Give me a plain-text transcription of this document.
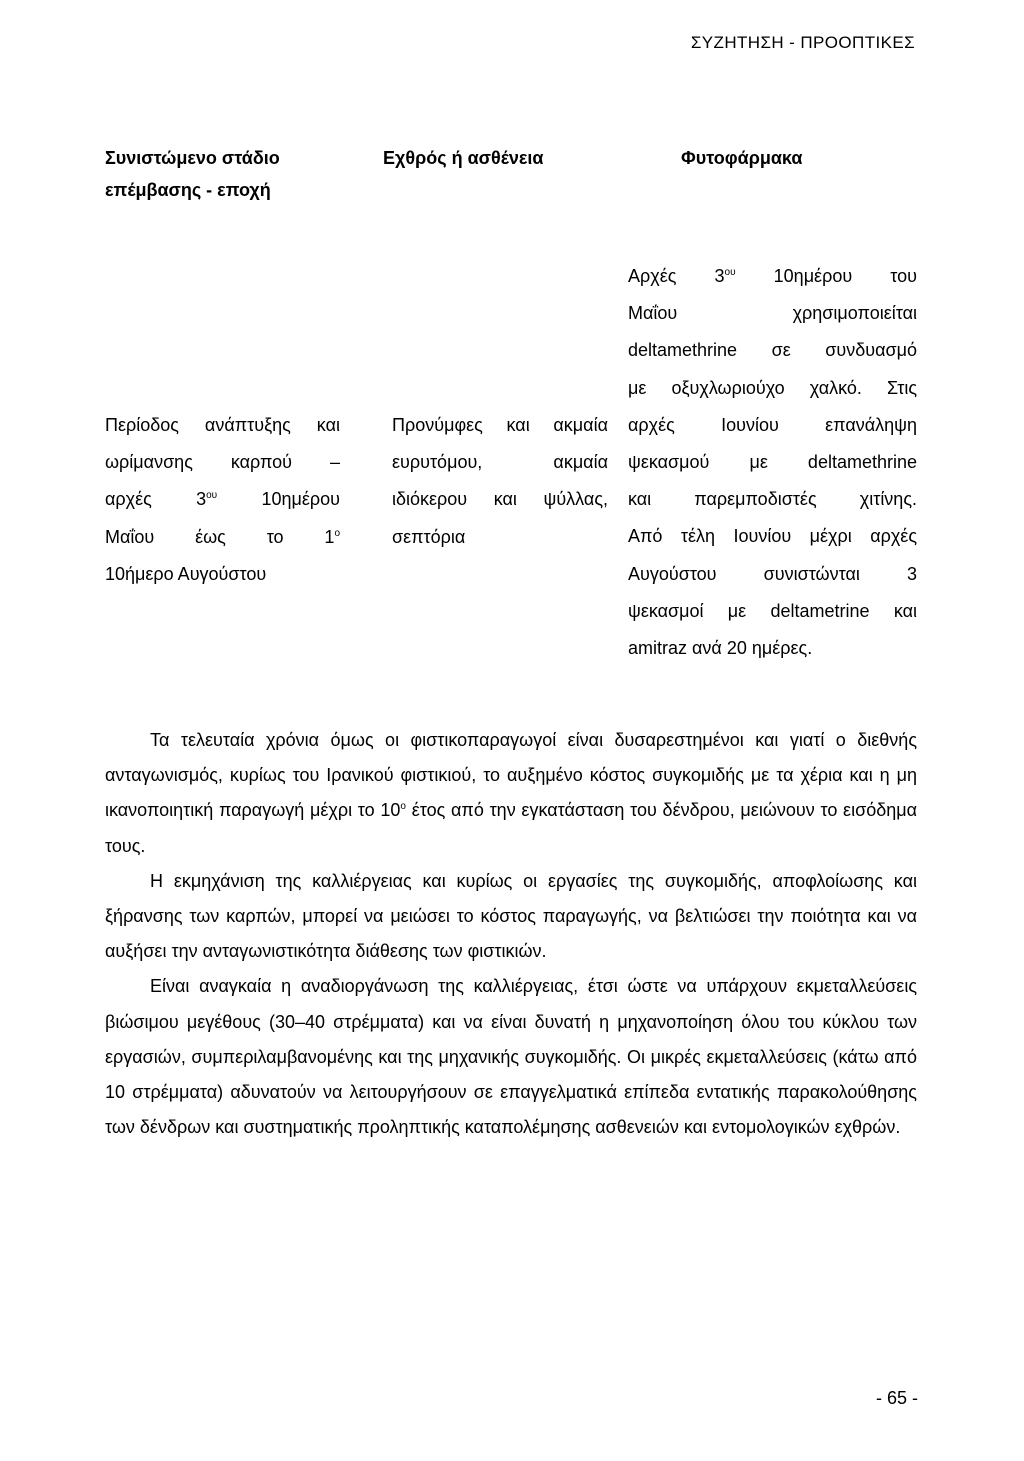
ΣΥΖΗΤΗΣΗ - ΠΡΟΟΠΤΙΚΕΣ
Συνιστώμενο στάδιο επέμβασης - εποχή
Εχθρός ή ασθένεια	Φυτοφάρμακα
Περίοδος ανάπτυξης και
ωρίμανσης καρπού –
αρχές $3^{o\upsilon}$ 10ημέρου
Μαΐου έως το $1^o$
10ήμερο Αυγούστου
Προνύμφες και ακμαία
ευρυτόμου, ακμαία
ιδιόκερου και ψύλλας,
σεπτόρια
Αρχές $3^{o\upsilon}$ 10ημέρου του
Μαΐου χρησιμοποιείται
deltamethrine σε συνδυασμό
με οξυχλωριούχο χαλκό. Στις
αρχές Ιουνίου επανάληψη
ψεκασμού με deltamethrine
και παρεμποδιστές χιτίνης.
Από τέλη Ιουνίου μέχρι αρχές
Αυγούστου συνιστώνται 3
ψεκασμοί με deltametrine και
amitraz ανά 20 ημέρες.

Τα τελευταία χρόνια όμως οι φιστικοπαραγωγοί είναι δυσαρεστημένοι και γιατί ο διεθνής ανταγωνισμός, κυρίως του Ιρανικού φιστικιού, το αυξημένο κόστος συγκομιδής με τα χέρια και η μη ικανοποιητική παραγωγή μέχρι το $10^o$ έτος από την εγκατάσταση του δένδρου, μειώνουν το εισόδημα τους.

Η εκμηχάνιση της καλλιέργειας και κυρίως οι εργασίες της συγκομιδής, αποφλοίωσης και ξήρανσης των καρπών, μπορεί να μειώσει το κόστος παραγωγής, να βελτιώσει την ποιότητα και να αυξήσει την ανταγωνιστικότητα διάθεσης των φιστικιών.

Είναι αναγκαία η αναδιοργάνωση της καλλιέργειας, έτσι ώστε να υπάρχουν εκμεταλλεύσεις βιώσιμου μεγέθους (30–40 στρέμματα) και να είναι δυνατή η μηχανοποίηση όλου του κύκλου των εργασιών, συμπεριλαμβανομένης και της μηχανικής συγκομιδής. Οι μικρές εκμεταλλεύσεις (κάτω από 10 στρέμματα) αδυνατούν να λειτουργήσουν σε επαγγελματικά επίπεδα εντατικής παρακολούθησης των δένδρων και συστηματικής προληπτικής καταπολέμησης ασθενειών και εντομολογικών εχθρών.

- 65 -
